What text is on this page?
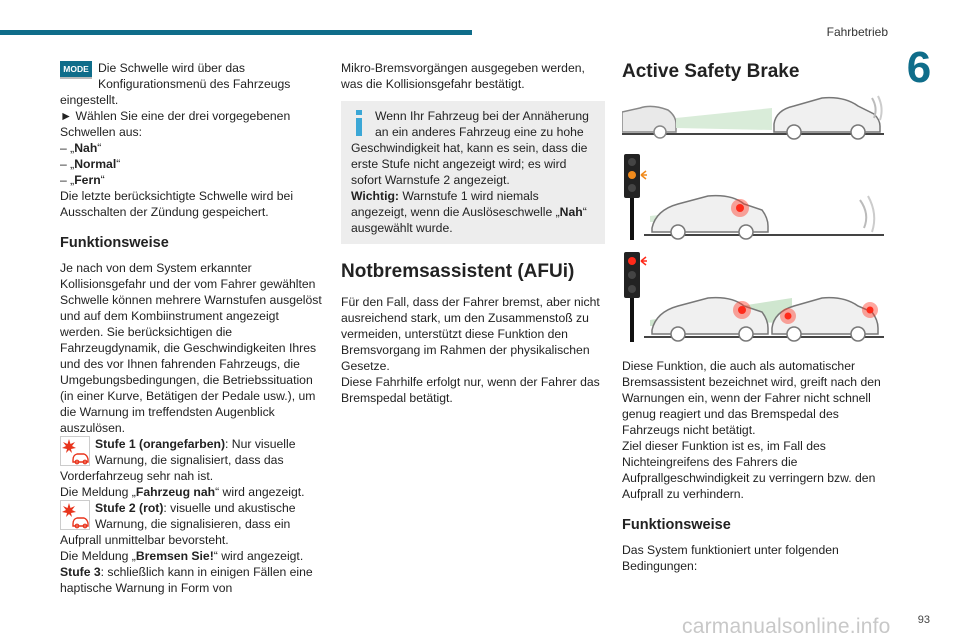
Fahrbetrieb
6

MODE Die Schwelle wird über das Konfigurationsmenü des Fahrzeugs eingestellt.

► Wählen Sie eine der drei vorgegebenen Schwellen aus:

– „Nah“

– „Normal“

– „Fern“

Die letzte berücksichtigte Schwelle wird bei Ausschalten der Zündung gespeichert.

Funktionsweise

Je nach von dem System erkannter Kollisionsgefahr und der vom Fahrer gewählten Schwelle können mehrere Warnstufen ausgelöst und auf dem Kombiinstrument angezeigt werden. Sie berücksichtigen die Fahrzeugdynamik, die Geschwindigkeiten Ihres und des vor Ihnen fahrenden Fahrzeugs, die Umgebungsbedingungen, die Betriebssituation (in einer Kurve, Betätigen der Pedale usw.), um die Warnung im treffendsten Augenblick auszulösen.

Stufe 1 (orangefarben): Nur visuelle Warnung, die signalisiert, dass das Vorderfahrzeug sehr nah ist.

Die Meldung „Fahrzeug nah“ wird angezeigt.

Stufe 2 (rot): visuelle und akustische Warnung, die signalisieren, dass ein Aufprall unmittelbar bevorsteht.

Die Meldung „Bremsen Sie!“ wird angezeigt.

Stufe 3: schließlich kann in einigen Fällen eine haptische Warnung in Form von

Mikro-Bremsvorgängen ausgegeben werden, was die Kollisionsgefahr bestätigt.

Wenn Ihr Fahrzeug bei der Annäherung an ein anderes Fahrzeug eine zu hohe Geschwindigkeit hat, kann es sein, dass die erste Stufe nicht angezeigt wird; es wird sofort Warnstufe 2 angezeigt.

Wichtig: Warnstufe 1 wird niemals angezeigt, wenn die Auslöseschwelle „Nah“ ausgewählt wurde.

Notbremsassistent (AFUi)

Für den Fall, dass der Fahrer bremst, aber nicht ausreichend stark, um den Zusammenstoß zu vermeiden, unterstützt diese Funktion den Bremsvorgang im Rahmen der physikalischen Gesetze.

Diese Fahrhilfe erfolgt nur, wenn der Fahrer das Bremspedal betätigt.

Active Safety Brake

Diese Funktion, die auch als automatischer Bremsassistent bezeichnet wird, greift nach den Warnungen ein, wenn der Fahrer nicht schnell genug reagiert und das Bremspedal des Fahrzeugs nicht betätigt.

Ziel dieser Funktion ist es, im Fall des Nichteingreifens des Fahrers die Aufprallgeschwindigkeit zu verringern bzw. den Aufprall zu verhindern.

Funktionsweise

Das System funktioniert unter folgenden Bedingungen:

carmanualsonline.info	93
